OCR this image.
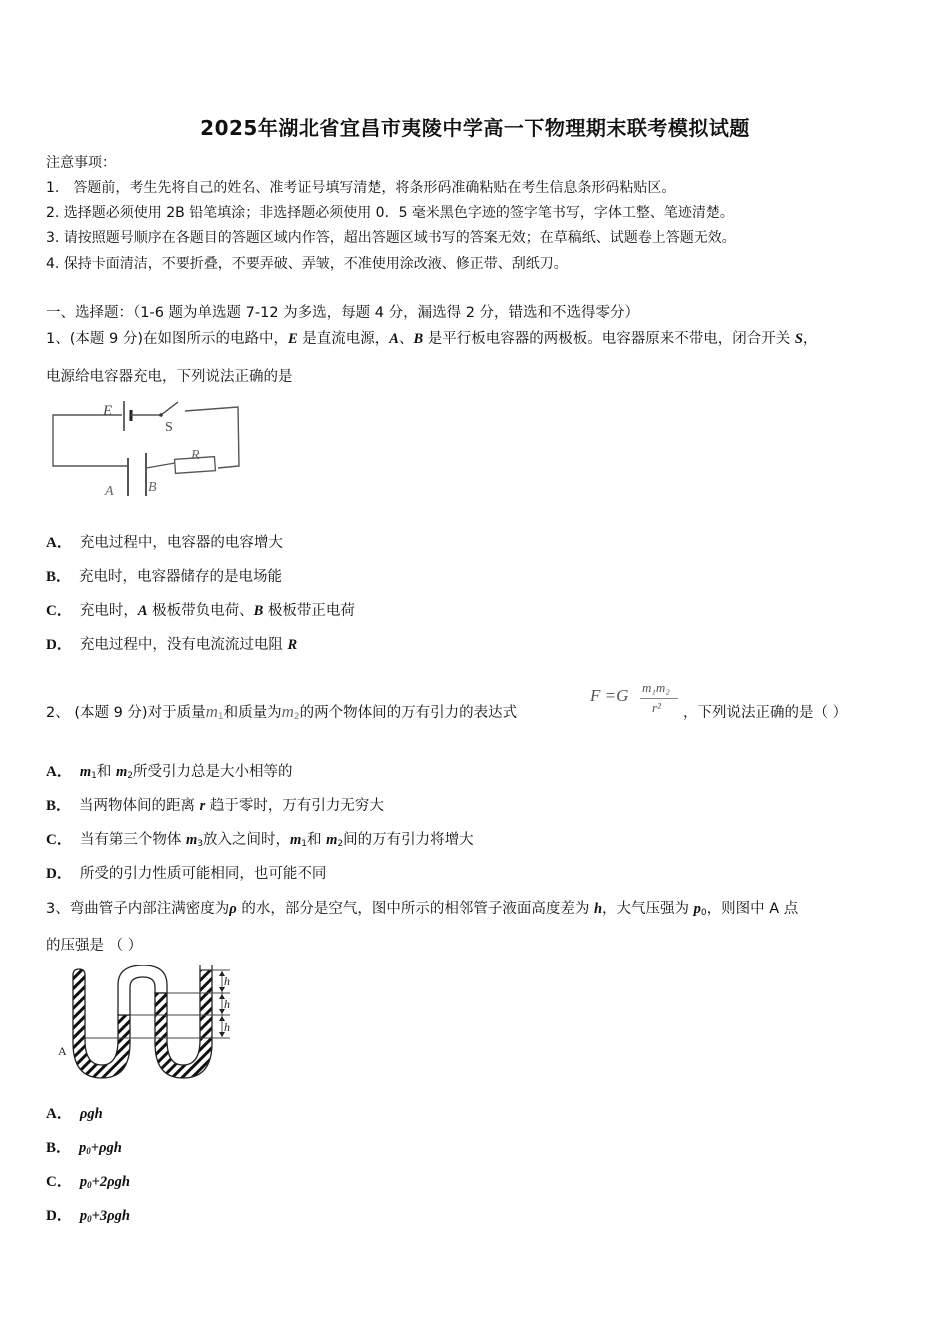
2025年湖北省宜昌市夷陵中学高一下物理期末联考模拟试题
注意事项：
1.　答题前，考生先将自己的姓名、准考证号填写清楚，将条形码准确粘贴在考生信息条形码粘贴区。
2. 选择题必须使用 2B 铅笔填涂；非选择题必须使用 0．5 毫米黑色字迹的签字笔书写，字体工整、笔迹清楚。
3. 请按照题号顺序在各题目的答题区域内作答，超出答题区域书写的答案无效；在草稿纸、试题卷上答题无效。
4. 保持卡面清洁，不要折叠，不要弄破、弄皱，不准使用涂改液、修正带、刮纸刀。
一、选择题：（1-6 题为单选题 7-12 为多选，每题 4 分，漏选得 2 分，错选和不选得零分）
1、(本题 9 分)在如图所示的电路中，E 是直流电源，A、B 是平行板电容器的两极板。电容器原来不带电，闭合开关 S，
电源给电容器充电，下列说法正确的是
E
S
R
A B
A． 充电过程中，电容器的电容增大
B． 充电时，电容器储存的是电场能
C． 充电时，A 极板带负电荷、B 极板带正电荷
D． 充电过程中，没有电流流过电阻 R
2、 (本题 9 分)对于质量$m_1$和质量为$m_2$的两个物体间的万有引力的表达式
F =G m₁m₂
r² ，下列说法正确的是（ ）
A． $m_1$和 $m_2$所受引力总是大小相等的
B． 当两物体间的距离 r 趋于零时，万有引力无穷大
C． 当有第三个物体 $m_3$放入之间时，$m_1$和 $m_2$间的万有引力将增大
D． 所受的引力性质可能相同，也可能不同
3、弯曲管子内部注满密度为ρ 的水，部分是空气，图中所示的相邻管子液面高度差为 h，大气压强为 $p_0$，则图中 A 点
的压强是 （ ）
h
h
h
A
A． ρgh
B． $p_0+\rho gh$
C． $p_0+2\rho gh$
D． $p_0+3\rho gh$
